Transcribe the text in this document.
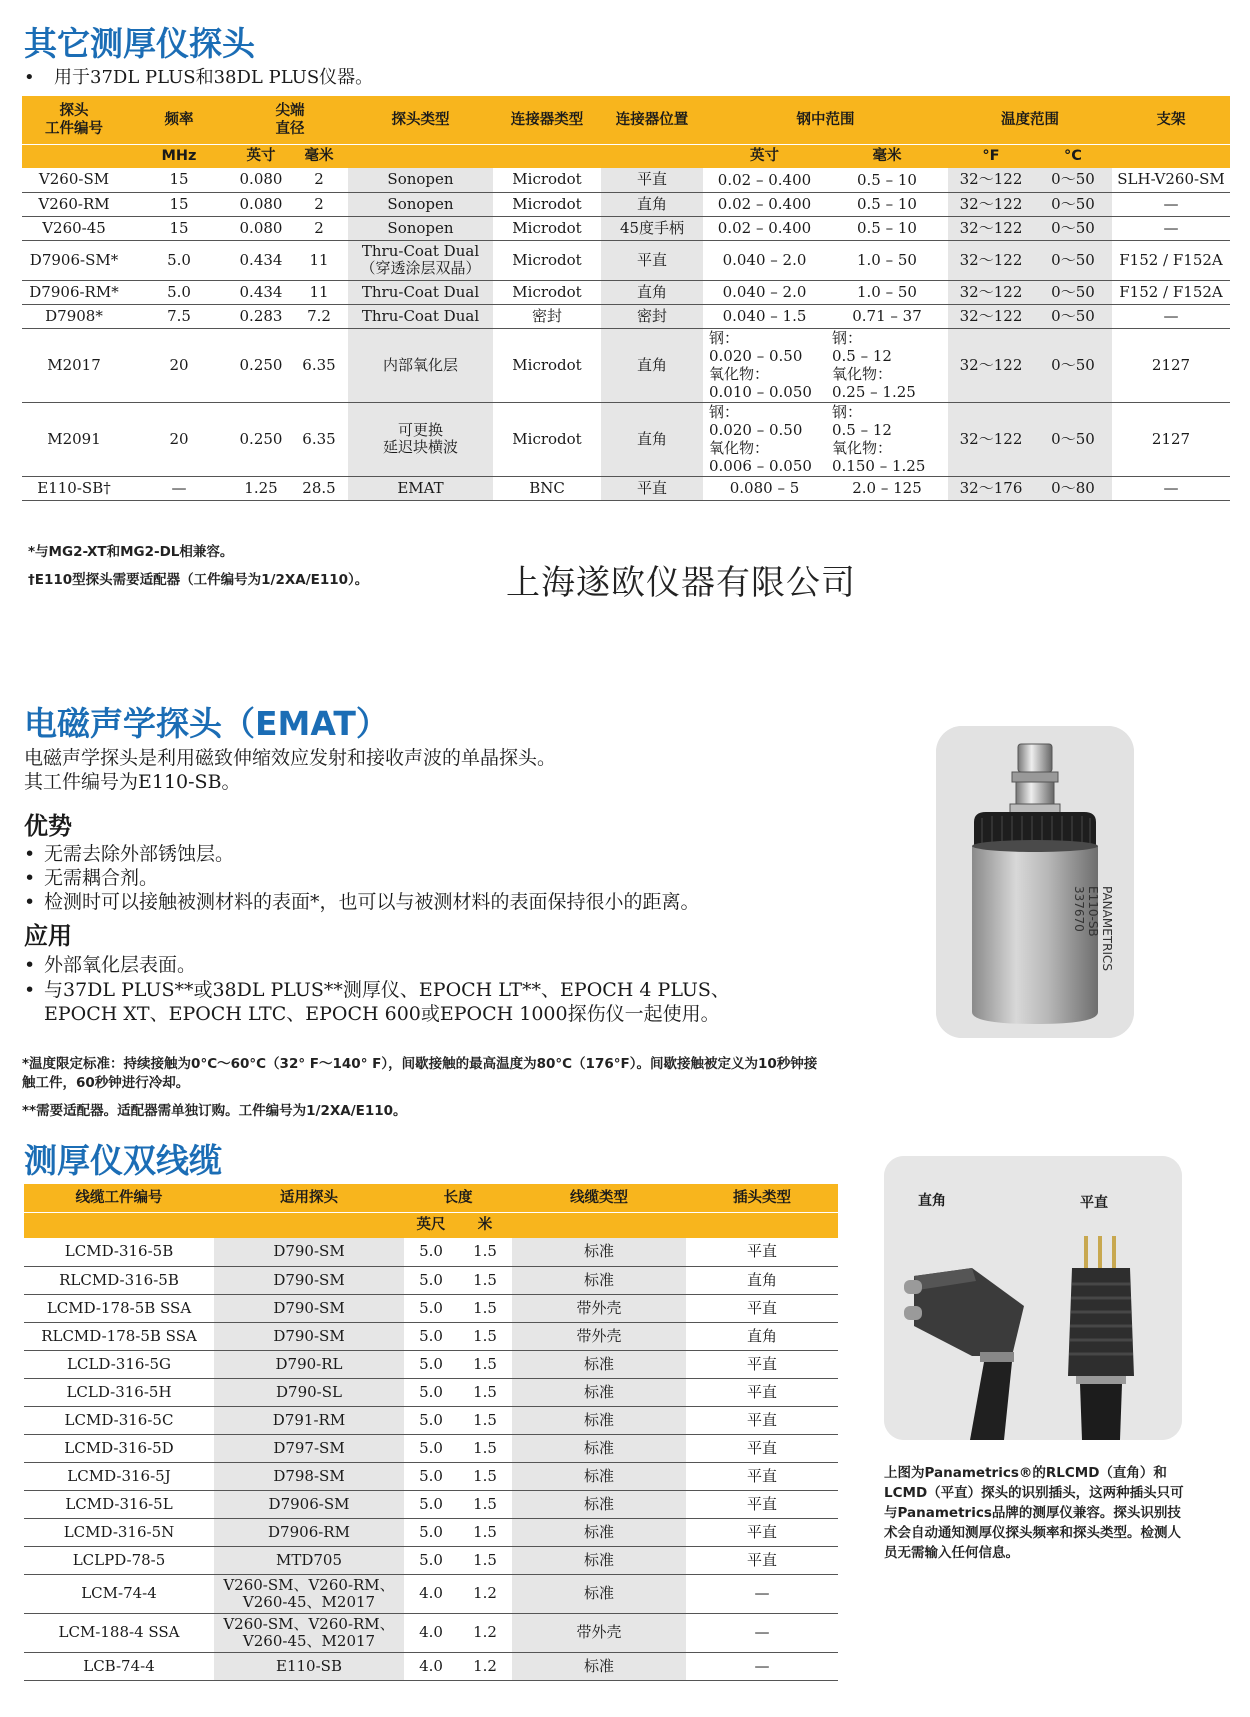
其它测厚仪探头

• 用于37DL PLUS和38DL PLUS仪器。

探头
工件编号	频率	尖端
直径		探头类型	连接器类型	连接器位置	钢中范围		温度范围		支架
	MHz	英寸	毫米				英寸	毫米	°F	°C	
V260-SM	15	0.080	2	Sonopen	Microdot	平直	0.02 – 0.400	0.5 – 10	32～122	0～50	SLH-V260-SM
V260-RM	15	0.080	2	Sonopen	Microdot	直角	0.02 – 0.400	0.5 – 10	32～122	0～50	—
V260-45	15	0.080	2	Sonopen	Microdot	45度手柄	0.02 – 0.400	0.5 – 10	32～122	0～50	—
D7906-SM*	5.0	0.434	11	Thru-Coat Dual
（穿透涂层双晶）	Microdot	平直	0.040 – 2.0	1.0 – 50	32～122	0～50	F152 / F152A
D7906-RM*	5.0	0.434	11	Thru-Coat Dual	Microdot	直角	0.040 – 2.0	1.0 – 50	32～122	0～50	F152 / F152A
D7908*	7.5	0.283	7.2	Thru-Coat Dual	密封	密封	0.040 – 1.5	0.71 – 37	32～122	0～50	—
M2017	20	0.250	6.35	内部氧化层	Microdot	直角	钢：
0.020 – 0.50
氧化物：
0.010 – 0.050	钢：
0.5 – 12
氧化物：
0.25 – 1.25	32～122	0～50	2127
M2091	20	0.250	6.35	可更换
延迟块横波	Microdot	直角	钢：
0.020 – 0.50
氧化物：
0.006 – 0.050	钢：
0.5 – 12
氧化物：
0.150 – 1.25	32～122	0～50	2127
E110-SB†	—	1.25	28.5	EMAT	BNC	平直	0.080 – 5	2.0 – 125	32～176	0～80	—

*与MG2-XT和MG2-DL相兼容。

†E110型探头需要适配器（工件编号为1/2XA/E110）。	上海遂欧仪器有限公司

电磁声学探头（EMAT）

电磁声学探头是利用磁致伸缩效应发射和接收声波的单晶探头。

其工件编号为E110-SB。

优势

• 无需去除外部锈蚀层。

• 无需耦合剂。

• 检测时可以接触被测材料的表面*，也可以与被测材料的表面保持很小的距离。

应用

• 外部氧化层表面。

• 与37DL PLUS**或38DL PLUS**测厚仪、EPOCH LT**、EPOCH 4 PLUS、

EPOCH XT、EPOCH LTC、EPOCH 600或EPOCH 1000探伤仪一起使用。

*温度限定标准：持续接触为0°C～60°C（32° F～140° F），间歇接触的最高温度为80°C（176°F）。间歇接触被定义为10秒钟接

触工件，60秒钟进行冷却。

**需要适配器。适配器需单独订购。工件编号为1/2XA/E110。

PANAMETRICS
E110-SB
337670
测厚仪双线缆
线缆工件编号	适用探头	长度		线缆类型	插头类型
		英尺	米		
LCMD-316-5B	D790-SM	5.0	1.5	标准	平直
RLCMD-316-5B	D790-SM	5.0	1.5	标准	直角
LCMD-178-5B SSA	D790-SM	5.0	1.5	带外壳	平直
RLCMD-178-5B SSA	D790-SM	5.0	1.5	带外壳	直角
LCLD-316-5G	D790-RL	5.0	1.5	标准	平直
LCLD-316-5H	D790-SL	5.0	1.5	标准	平直
LCMD-316-5C	D791-RM	5.0	1.5	标准	平直
LCMD-316-5D	D797-SM	5.0	1.5	标准	平直
LCMD-316-5J	D798-SM	5.0	1.5	标准	平直
LCMD-316-5L	D7906-SM	5.0	1.5	标准	平直
LCMD-316-5N	D7906-RM	5.0	1.5	标准	平直
LCLPD-78-5	MTD705	5.0	1.5	标准	平直
LCM-74-4	V260-SM、V260-RM、
V260-45、M2017	4.0	1.2	标准	—
LCM-188-4 SSA	V260-SM、V260-RM、
V260-45、M2017	4.0	1.2	带外壳	—
LCB-74-4	E110-SB	4.0	1.2	标准	—
直角	平直

上图为Panametrics®的RLCMD（直角）和LCMD（平直）探头的识别插头，这两种插头只可与Panametrics品牌的测厚仪兼容。探头识别技术会自动通知测厚仪探头频率和探头类型。检测人员无需输入任何信息。
